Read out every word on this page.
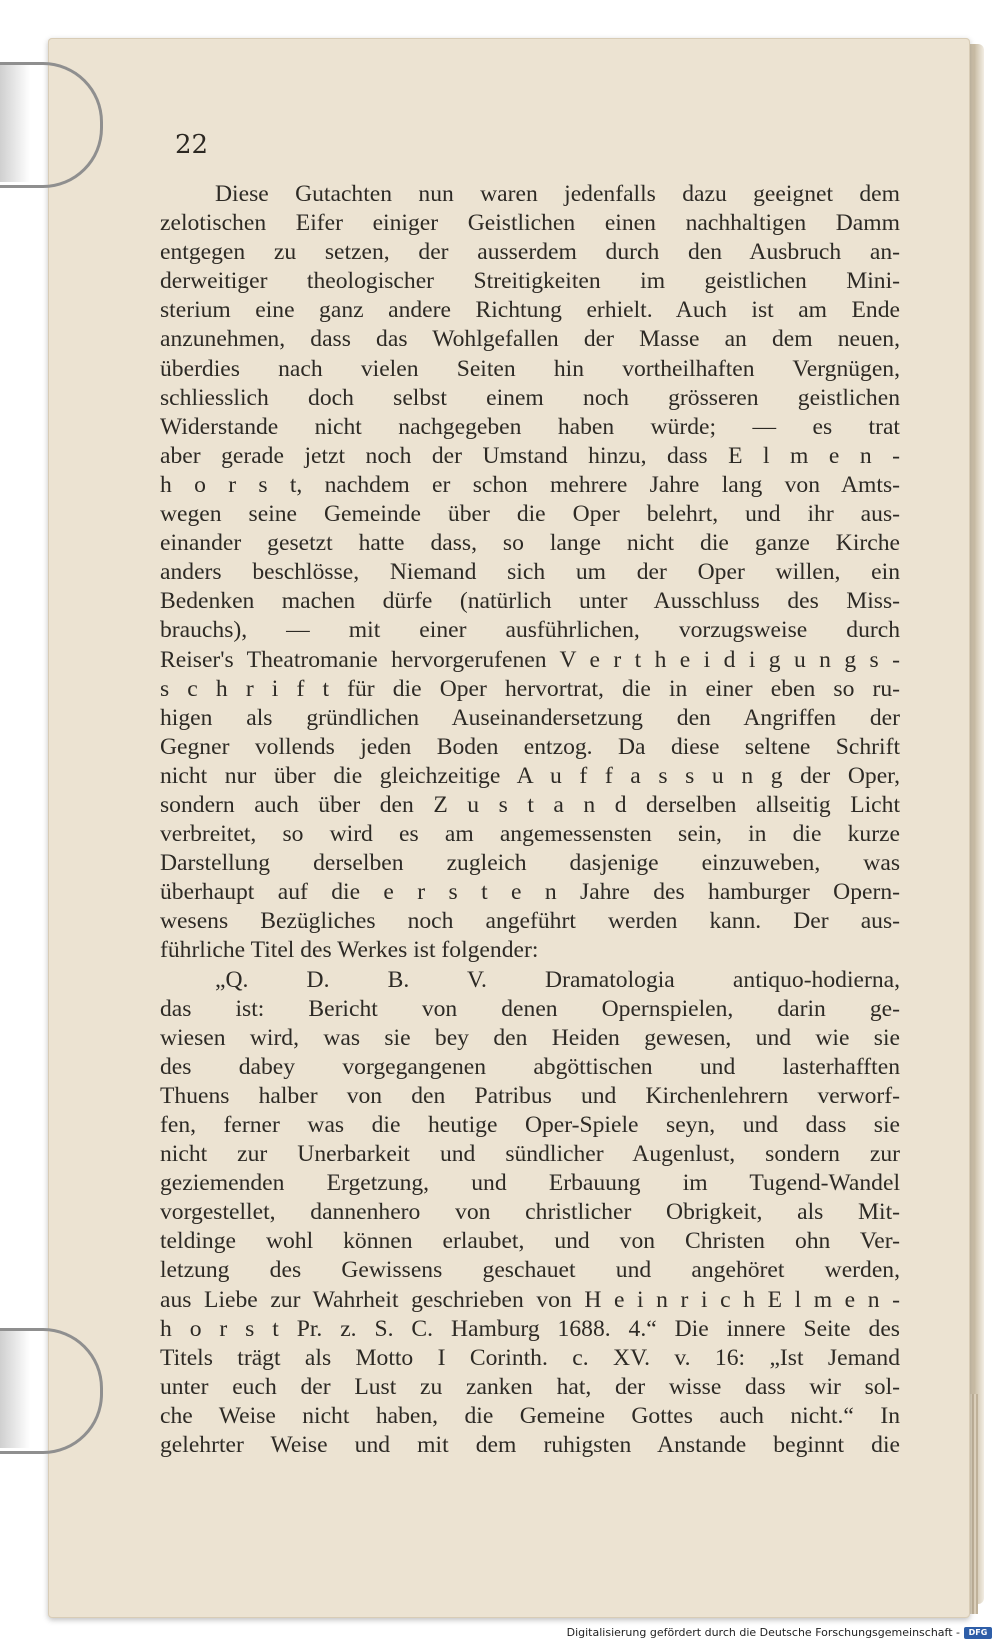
22
Diese Gutachten nun waren jedenfalls dazu geeignet dem
zelotischen Eifer einiger Geistlichen einen nachhaltigen Damm
entgegen zu setzen, der ausserdem durch den Ausbruch an-
derweitiger theologischer Streitigkeiten im geistlichen Mini-
sterium eine ganz andere Richtung erhielt. Auch ist am Ende
anzunehmen, dass das Wohlgefallen der Masse an dem neuen,
überdies nach vielen Seiten hin vortheilhaften Vergnügen,
schliesslich doch selbst einem noch grösseren geistlichen
Widerstande nicht nachgegeben haben würde; — es trat
aber gerade jetzt noch der Umstand hinzu, dass E l m e n -
h o r s t, nachdem er schon mehrere Jahre lang von Amts-
wegen seine Gemeinde über die Oper belehrt, und ihr aus-
einander gesetzt hatte dass, so lange nicht die ganze Kirche
anders beschlösse, Niemand sich um der Oper willen, ein
Bedenken machen dürfe (natürlich unter Ausschluss des Miss-
brauchs), — mit einer ausführlichen, vorzugsweise durch
Reiser's Theatromanie hervorgerufenen V e r t h e i d i g u n g s -
s c h r i f t für die Oper hervortrat, die in einer eben so ru-
higen als gründlichen Auseinandersetzung den Angriffen der
Gegner vollends jeden Boden entzog. Da diese seltene Schrift
nicht nur über die gleichzeitige A u f f a s s u n g der Oper,
sondern auch über den Z u s t a n d derselben allseitig Licht
verbreitet, so wird es am angemessensten sein, in die kurze
Darstellung derselben zugleich dasjenige einzuweben, was
überhaupt auf die e r s t e n Jahre des hamburger Opern-
wesens Bezügliches noch angeführt werden kann. Der aus-
führliche Titel des Werkes ist folgender:
„Q. D. B. V. Dramatologia antiquo-hodierna,
das ist: Bericht von denen Opernspielen, darin ge-
wiesen wird, was sie bey den Heiden gewesen, und wie sie
des dabey vorgegangenen abgöttischen und lasterhafften
Thuens halber von den Patribus und Kirchenlehrern verworf-
fen, ferner was die heutige Oper-Spiele seyn, und dass sie
nicht zur Unerbarkeit und sündlicher Augenlust, sondern zur
geziemenden Ergetzung, und Erbauung im Tugend-Wandel
vorgestellet, dannenhero von christlicher Obrigkeit, als Mit-
teldinge wohl können erlaubet, und von Christen ohn Ver-
letzung des Gewissens geschauet und angehöret werden,
aus Liebe zur Wahrheit geschrieben von H e i n r i c h E l m e n -
h o r s t Pr. z. S. C. Hamburg 1688. 4.“ Die innere Seite des
Titels trägt als Motto I Corinth. c. XV. v. 16: „Ist Jemand
unter euch der Lust zu zanken hat, der wisse dass wir sol-
che Weise nicht haben, die Gemeine Gottes auch nicht.“ In
gelehrter Weise und mit dem ruhigsten Anstande beginnt die
Digitalisierung gefördert durch die Deutsche Forschungsgemeinschaft -	DFG
